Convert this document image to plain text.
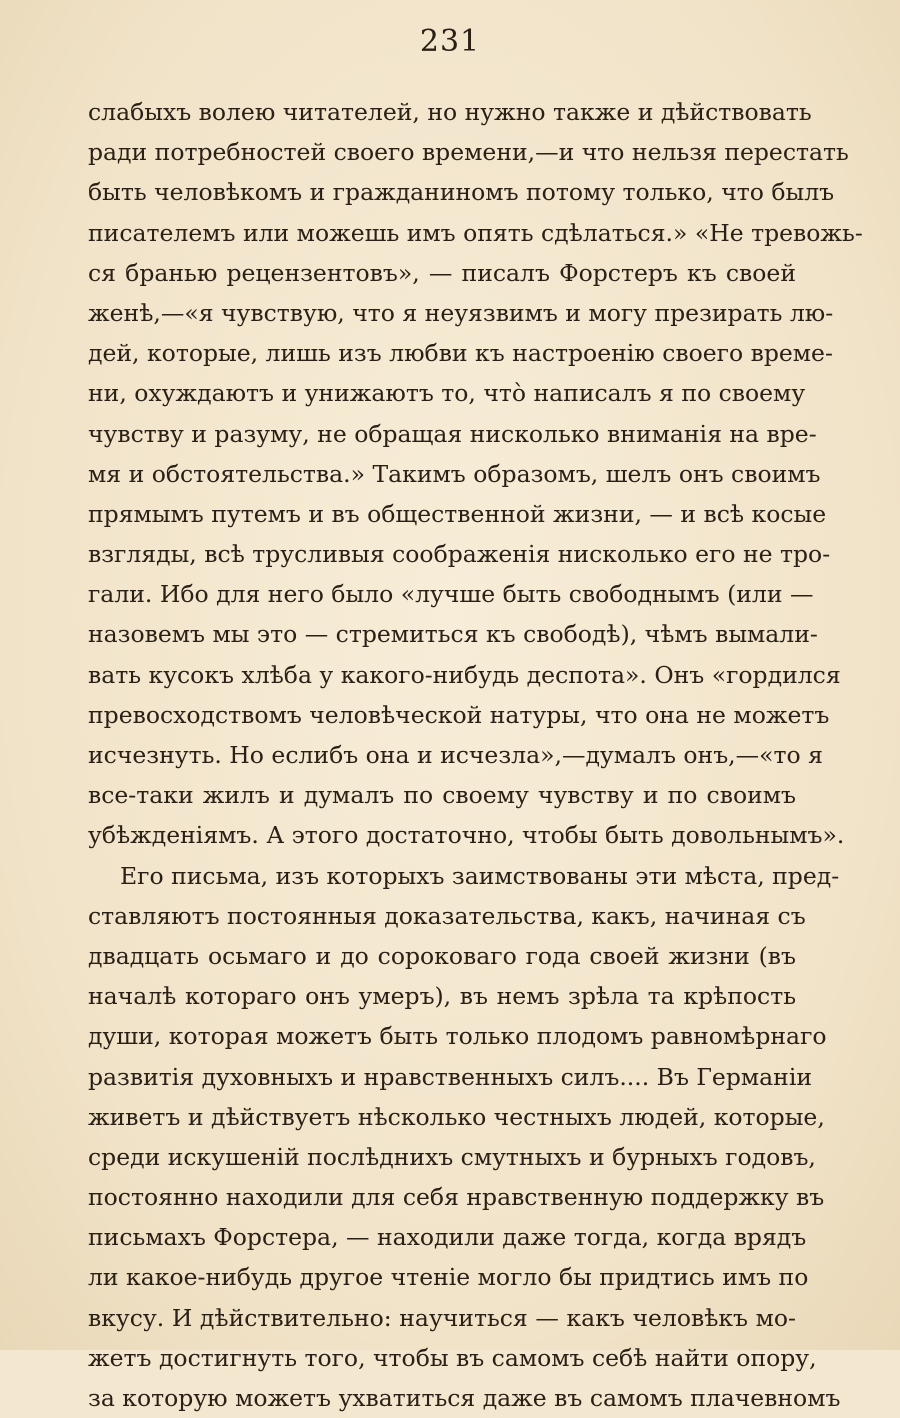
231
слабыхъ волею читателей, но нужно также и дѣйствовать
ради потребностей своего времени,—и что нельзя перестать
быть человѣкомъ и гражданиномъ потому только, что былъ
писателемъ или можешь имъ опять сдѣлаться.» «Не тревожь-
ся бранью рецензентовъ», — писалъ Форстеръ къ своей
женѣ,—«я чувствую, что я неуязвимъ и могу презирать лю-
дей, которые, лишь изъ любви къ настроенію своего време-
ни, охуждаютъ и унижаютъ то, чтò написалъ я по своему
чувству и разуму, не обращая нисколько вниманія на вре-
мя и обстоятельства.» Такимъ образомъ, шелъ онъ своимъ
прямымъ путемъ и въ общественной жизни, — и всѣ косые
взгляды, всѣ трусливыя соображенія нисколько его не тро-
гали. Ибо для него было «лучше быть свободнымъ (или —
назовемъ мы это — стремиться къ свободѣ), чѣмъ вымали-
вать кусокъ хлѣба у какого-нибудь деспота». Онъ «гордился
превосходствомъ человѣческой натуры, что она не можетъ
исчезнуть. Но еслибъ она и исчезла»,—думалъ онъ,—«то я
все-таки жилъ и думалъ по своему чувству и по своимъ
убѣжденіямъ. А этого достаточно, чтобы быть довольнымъ».
Его письма, изъ которыхъ заимствованы эти мѣста, пред-
ставляютъ постоянныя доказательства, какъ, начиная съ
двадцать осьмаго и до сороковаго года своей жизни (въ
началѣ котораго онъ умеръ), въ немъ зрѣла та крѣпость
души, которая можетъ быть только плодомъ равномѣрнаго
развитія духовныхъ и нравственныхъ силъ.... Въ Германіи
живетъ и дѣйствуетъ нѣсколько честныхъ людей, которые,
среди искушеній послѣднихъ смутныхъ и бурныхъ годовъ,
постоянно находили для себя нравственную поддержку въ
письмахъ Форстера, — находили даже тогда, когда врядъ
ли какое-нибудь другое чтеніе могло бы придтись имъ по
вкусу. И дѣйствительно: научиться — какъ человѣкъ мо-
жетъ достигнуть того, чтобы въ самомъ себѣ найти опору,
за которую можетъ ухватиться даже въ самомъ плачевномъ
